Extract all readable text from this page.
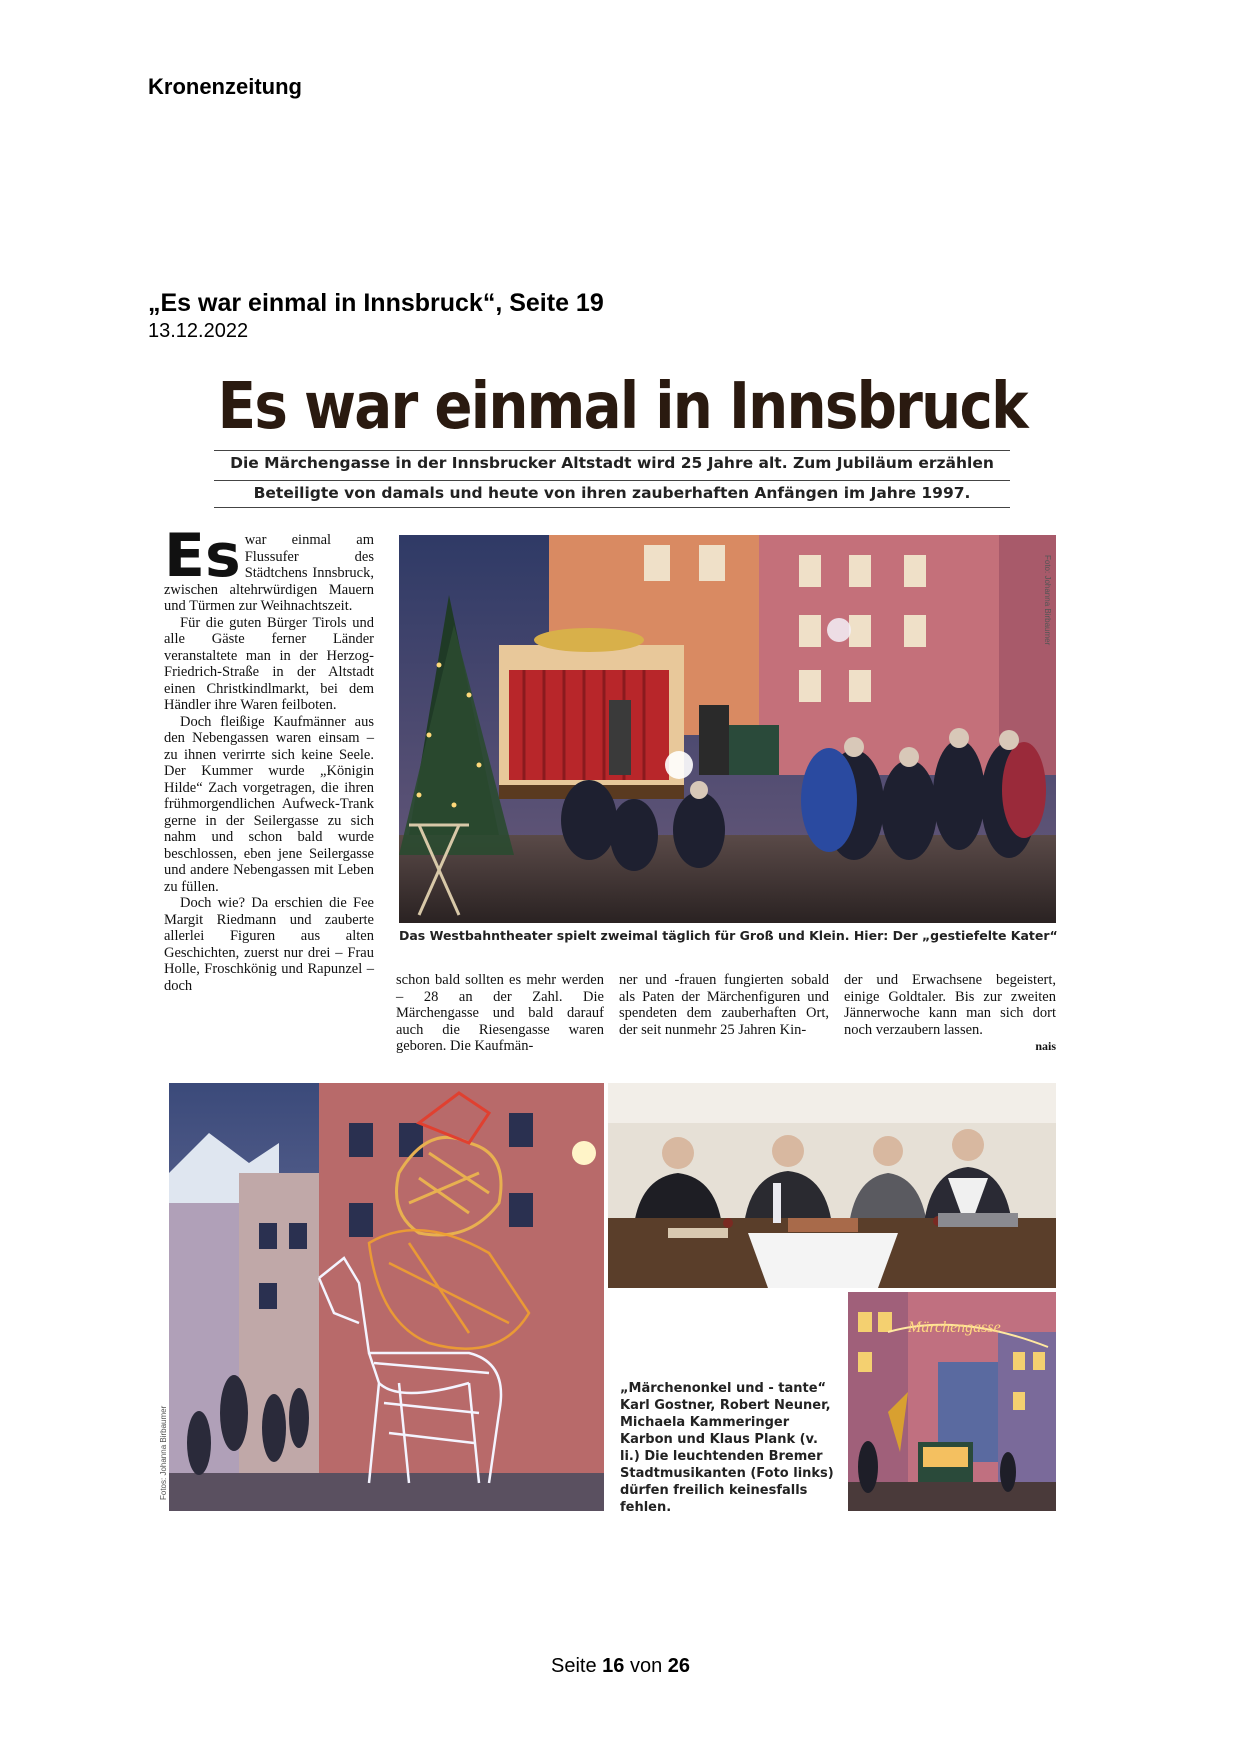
Kronenzeitung
„Es war einmal in Innsbruck“, Seite 19
13.12.2022
Es war einmal in Innsbruck
Die Märchengasse in der Innsbrucker Altstadt wird 25 Jahre alt. Zum Jubiläum erzählen
Beteiligte von damals und heute von ihren zauberhaften Anfängen im Jahre 1997.

Es war einmal am Flussufer des Städtchens Innsbruck, zwischen altehrwürdigen Mauern und Türmen zur Weihnachtszeit.

Für die guten Bürger Tirols und alle Gäste ferner Länder veranstaltete man in der Herzog-Friedrich-Straße in der Altstadt einen Christkindlmarkt, bei dem Händler ihre Waren feilboten.

Doch fleißige Kaufmänner aus den Nebengassen waren einsam – zu ihnen verirrte sich keine Seele. Der Kummer wurde „Königin Hilde“ Zach vorgetragen, die ihren frühmorgendlichen Aufweck-Trank gerne in der Seilergasse zu sich nahm und schon bald wurde beschlossen, eben jene Seilergasse und andere Nebengassen mit Leben zu füllen.

Doch wie? Da erschien die Fee Margit Riedmann und zauberte allerlei Figuren aus alten Geschichten, zuerst nur drei – Frau Holle, Froschkönig und Rapunzel – doch

Foto: Johanna Birbaumer
Das Westbahntheater spielt zweimal täglich für Groß und Klein. Hier: Der „gestiefelte Kater“

schon bald sollten es mehr werden – 28 an der Zahl. Die Märchengasse und bald darauf auch die Riesengasse waren geboren. Die Kaufmän-

ner und -frauen fungierten sobald als Paten der Märchenfiguren und spendeten dem zauberhaften Ort, der seit nunmehr 25 Jahren Kin-

der und Erwachsene begeistert, einige Goldtaler. Bis zur zweiten Jännerwoche kann man sich dort noch verzaubern lassen.

nais

Fotos: Johanna Birbaumer
Märchengasse
„Märchenonkel und - tante“ Karl Gostner, Robert Neuner, Michaela Kammeringer Karbon und Klaus Plank (v. li.) Die leuchtenden Bremer Stadtmusikanten (Foto links) dürfen freilich keinesfalls fehlen.
Seite 16 von 26
